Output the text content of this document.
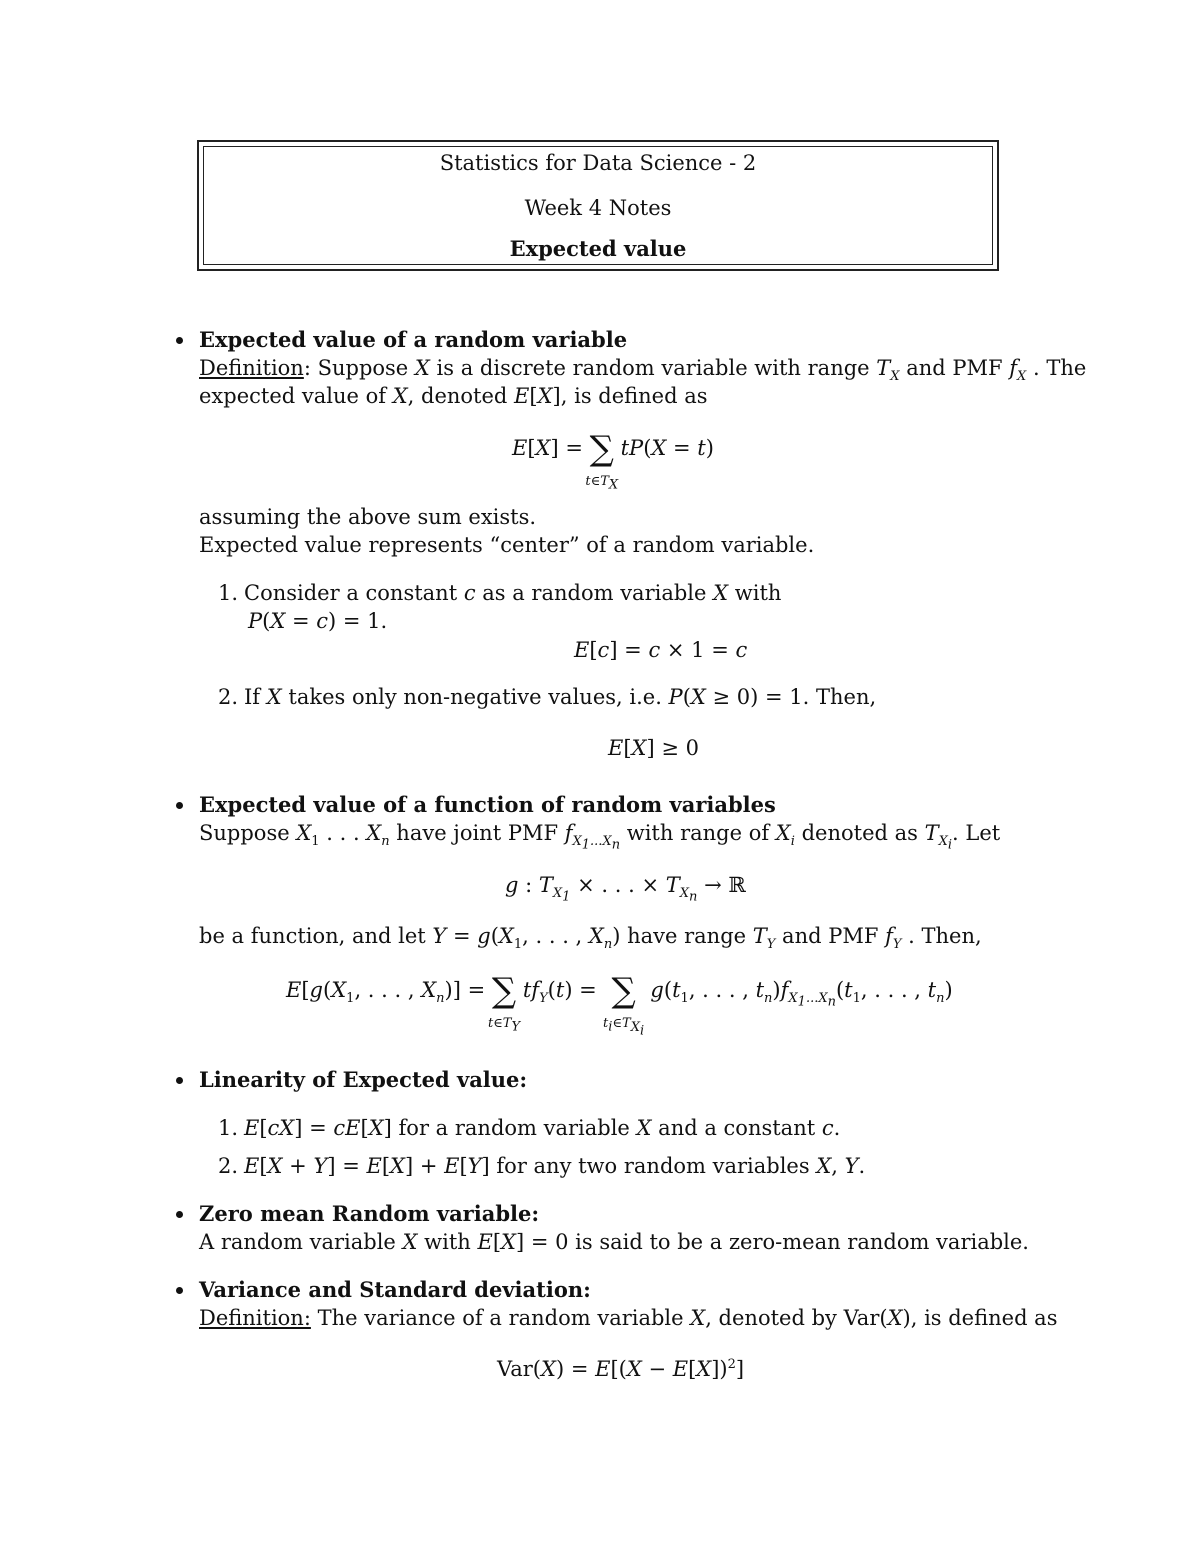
Statistics for Data Science - 2
Week 4 Notes
Expected value
Expected value of a random variable
Definition: Suppose X is a discrete random variable with range $T_X$ and PMF $f_X$ . The
expected value of X, denoted E[X], is defined as
E[X] = ∑
$t\in T_X$
tP(X = t)
assuming the above sum exists.
Expected value represents “center” of a random variable.
1. Consider a constant c as a random variable X with
P(X = c) = 1.
E[c] = c × 1 = c
2. If X takes only non-negative values, i.e. P(X ≥ 0) = 1. Then,
E[X] ≥ 0
Expected value of a function of random variables
Suppose $X_1$ . . . $X_n$ have joint PMF $f_{X_1...X_n}$ with range of $X_i$ denoted as $T_{X_i}$. Let
g : $T_{X_1}$ × . . . × $T_{X_n}$ → ℝ
be a function, and let $Y = g(X_1$, . . . , $X_n$) have range $T_Y$ and PMF $f_Y$ . Then,
$E[g(X_1$, . . . , $X_n$)] = ∑
$t\in T_Y$
$tf_Y(t)$ = ∑
$t_i\in T_{X_i}$
$g(t_1$, . . . , $t_n)f_{X_1...X_n}(t_1$, . . . , $t_n$)
Linearity of Expected value:
1. E[cX] = cE[X] for a random variable X and a constant c.
2. E[X + Y] = E[X] + E[Y] for any two random variables X, Y.
Zero mean Random variable:
A random variable X with E[X] = 0 is said to be a zero-mean random variable.
Variance and Standard deviation:
Definition: The variance of a random variable X, denoted by Var(X), is defined as
$Var(X) = E[(X - E[X])^2]$
